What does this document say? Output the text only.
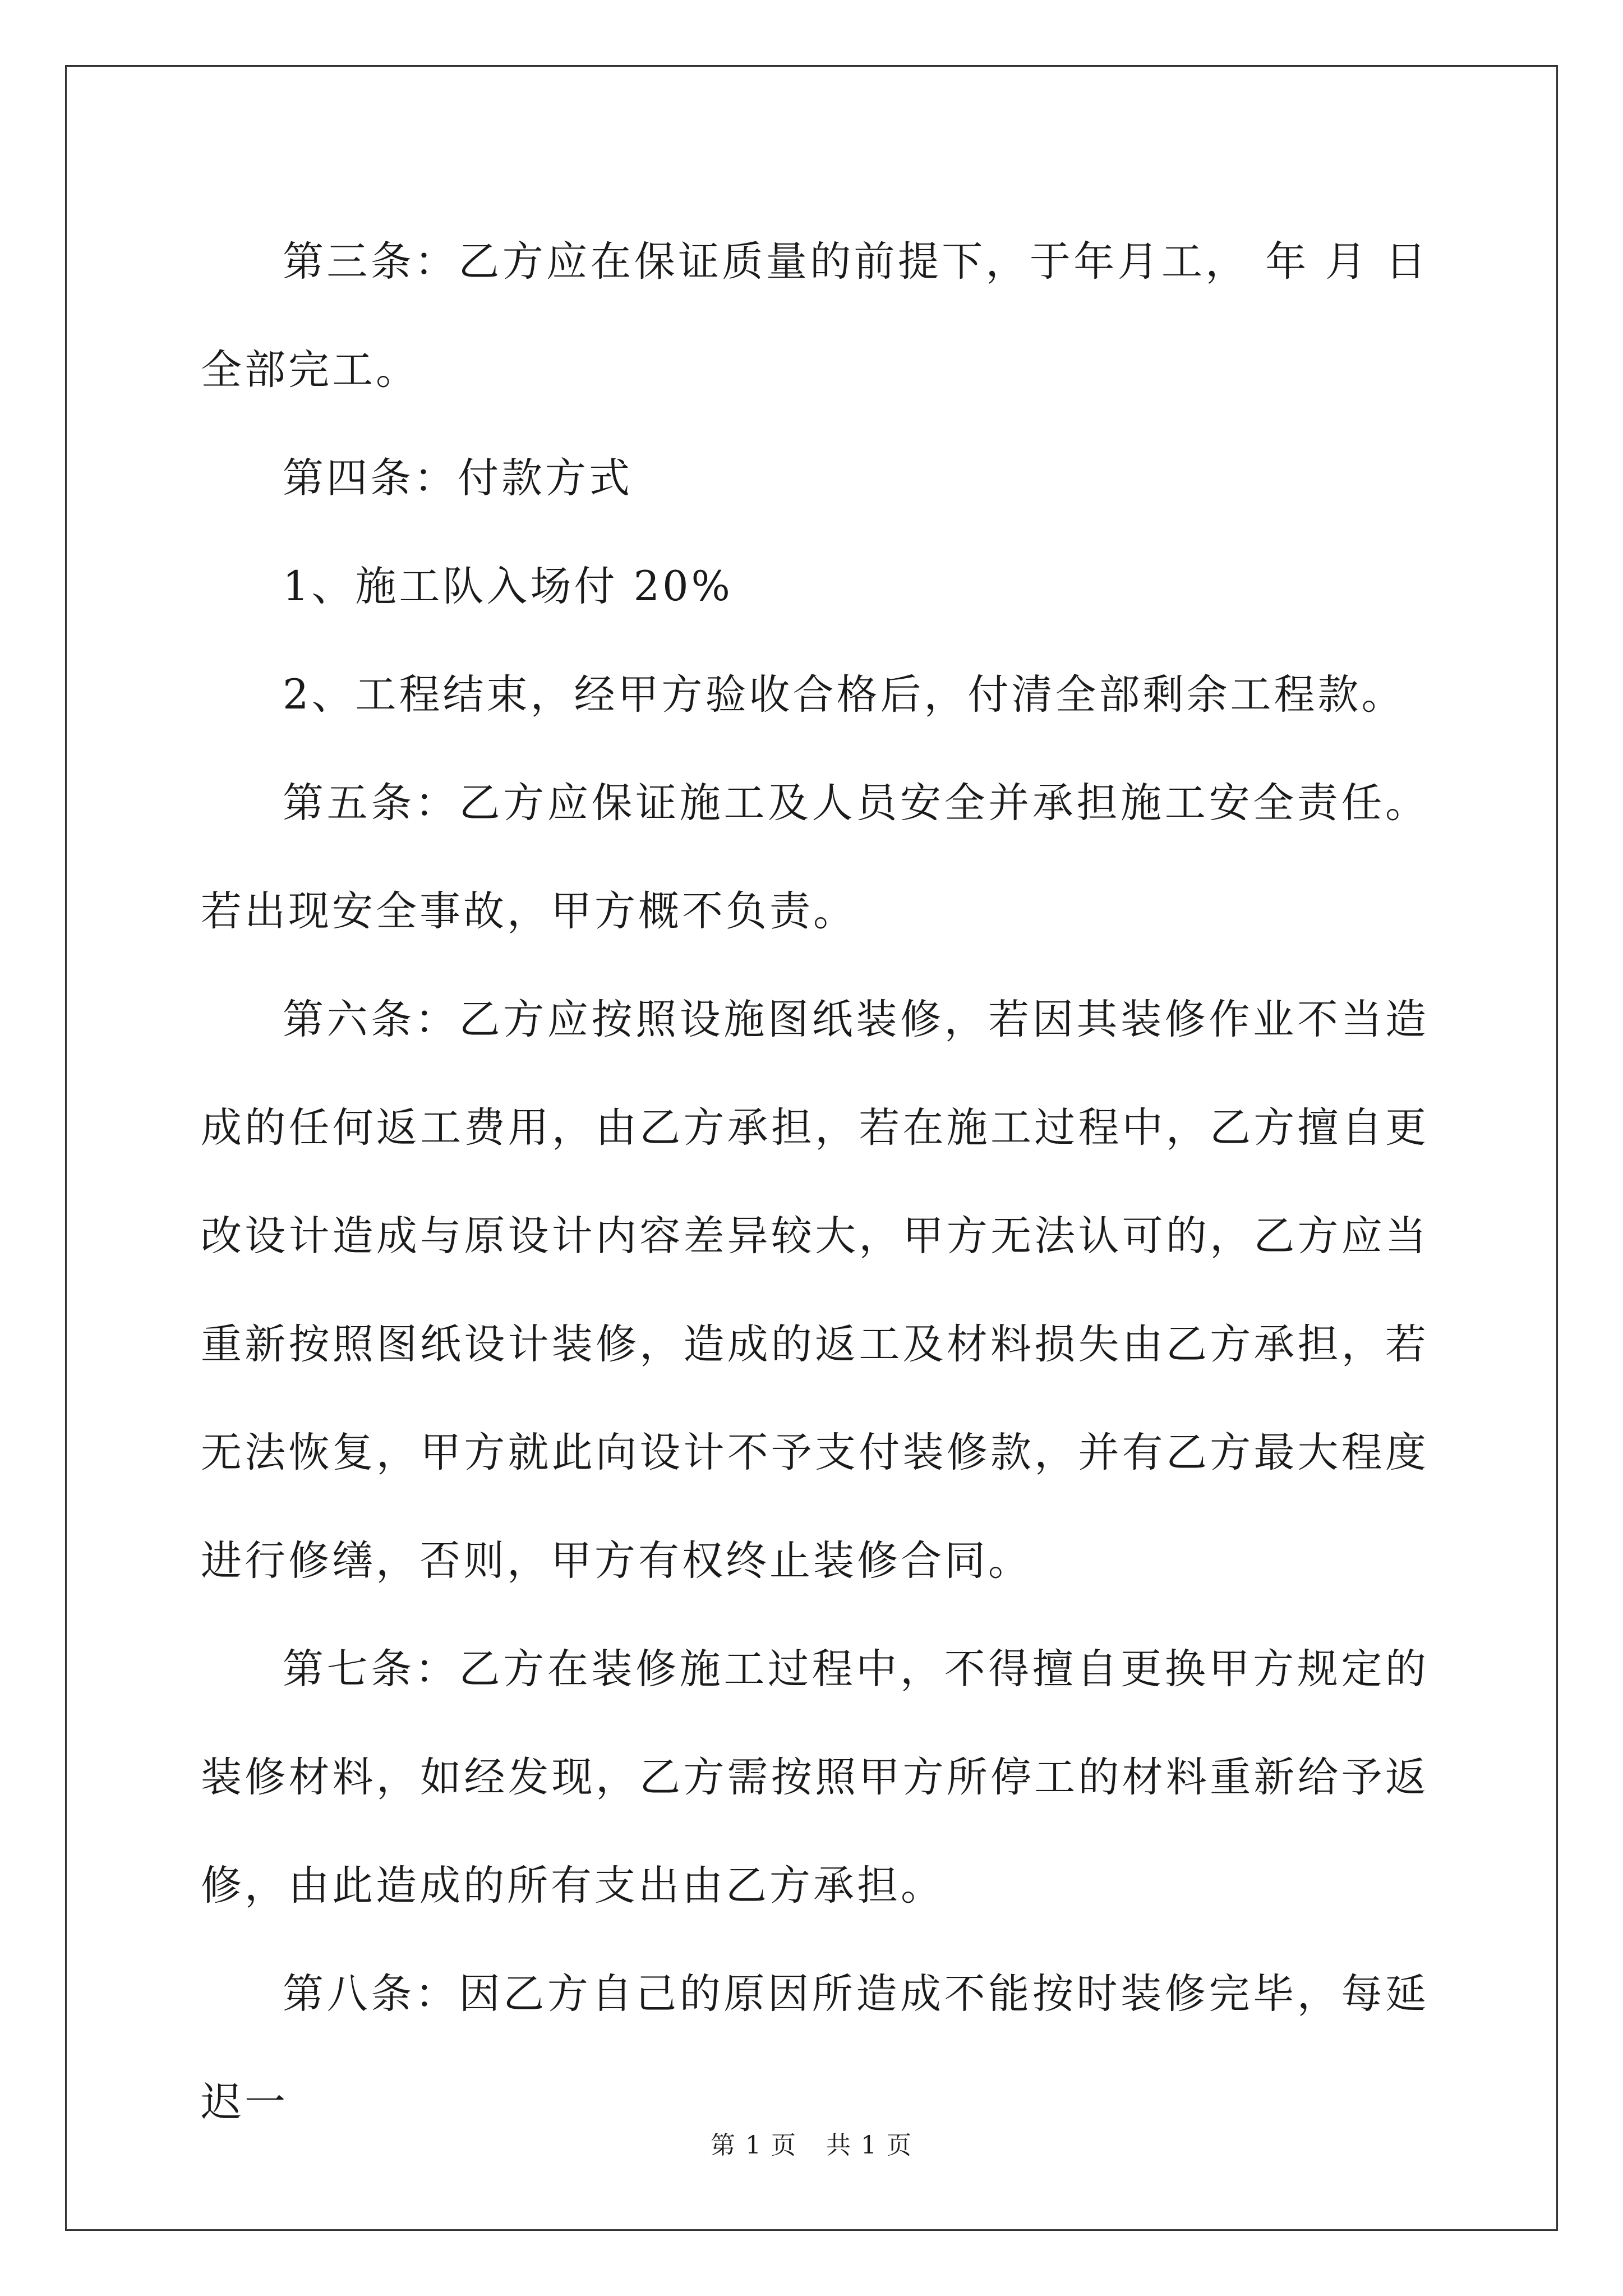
第三条：乙方应在保证质量的前提下，于年月工， 年 月 日全部完工。

第四条：付款方式

1、施工队入场付 20%

2、工程结束，经甲方验收合格后，付清全部剩余工程款。

第五条：乙方应保证施工及人员安全并承担施工安全责任。若出现安全事故，甲方概不负责。

第六条：乙方应按照设施图纸装修，若因其装修作业不当造成的任何返工费用，由乙方承担，若在施工过程中，乙方擅自更改设计造成与原设计内容差异较大，甲方无法认可的，乙方应当重新按照图纸设计装修，造成的返工及材料损失由乙方承担，若无法恢复，甲方就此向设计不予支付装修款，并有乙方最大程度进行修缮，否则，甲方有权终止装修合同。

第七条：乙方在装修施工过程中，不得擅自更换甲方规定的装修材料，如经发现，乙方需按照甲方所停工的材料重新给予返修，由此造成的所有支出由乙方承担。

第八条：因乙方自己的原因所造成不能按时装修完毕，每延迟一

第 1 页 共 1 页
